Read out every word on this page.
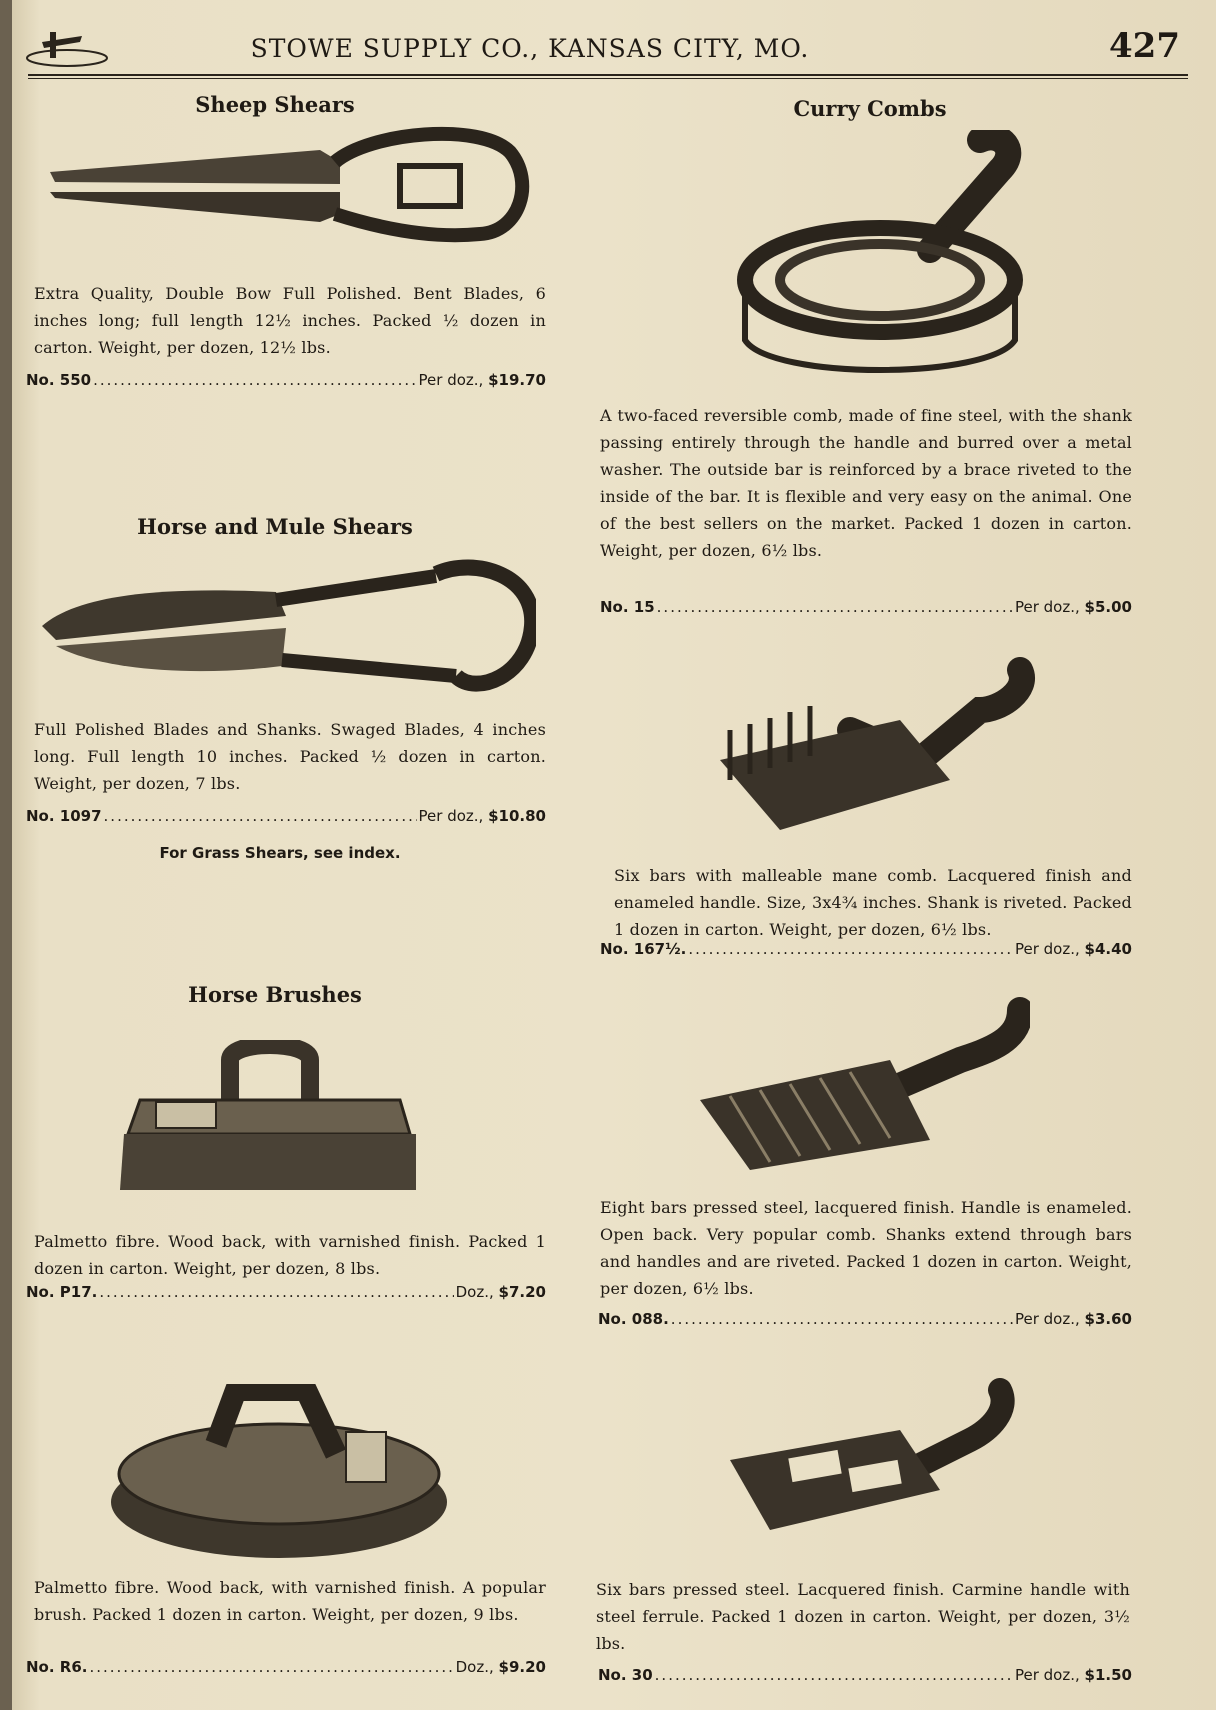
STOWE SUPPLY CO., KANSAS CITY, MO.	427
Sheep Shears
Extra Quality, Double Bow Full Polished. Bent Blades, 6 inches long; full length 12½ inches. Packed ½ dozen in carton. Weight, per dozen, 12½ lbs.
No. 550 .....	Per doz., $19.70
Horse and Mule Shears
Full Polished Blades and Shanks. Swaged Blades, 4 inches long. Full length 10 inches. Packed ½ dozen in carton. Weight, per dozen, 7 lbs.
No. 1097 .....	Per doz., $10.80
For Grass Shears, see index.
Horse Brushes
Palmetto fibre. Wood back, with varnished finish. Packed 1 dozen in carton. Weight, per dozen, 8 lbs.
No. P17. .....	Doz., $7.20
Palmetto fibre. Wood back, with varnished finish. A popular brush. Packed 1 dozen in carton. Weight, per dozen, 9 lbs.
No. R6. .....	Doz., $9.20
Curry Combs
A two-faced reversible comb, made of fine steel, with the shank passing entirely through the handle and burred over a metal washer. The outside bar is reinforced by a brace riveted to the inside of the bar. It is flexible and very easy on the animal. One of the best sellers on the market. Packed 1 dozen in carton. Weight, per dozen, 6½ lbs.
No. 15 .....	Per doz., $5.00
Six bars with malleable mane comb. Lacquered finish and enameled handle. Size, 3x4¾ inches. Shank is riveted. Packed 1 dozen in carton. Weight, per dozen, 6½ lbs.
No. 167½. .....	Per doz., $4.40
Eight bars pressed steel, lacquered finish. Handle is enameled. Open back. Very popular comb. Shanks extend through bars and handles and are riveted. Packed 1 dozen in carton. Weight, per dozen, 6½ lbs.
No. 088. .....	Per doz., $3.60
Six bars pressed steel. Lacquered finish. Carmine handle with steel ferrule. Packed 1 dozen in carton. Weight, per dozen, 3½ lbs.
No. 30 .....	Per doz., $1.50
